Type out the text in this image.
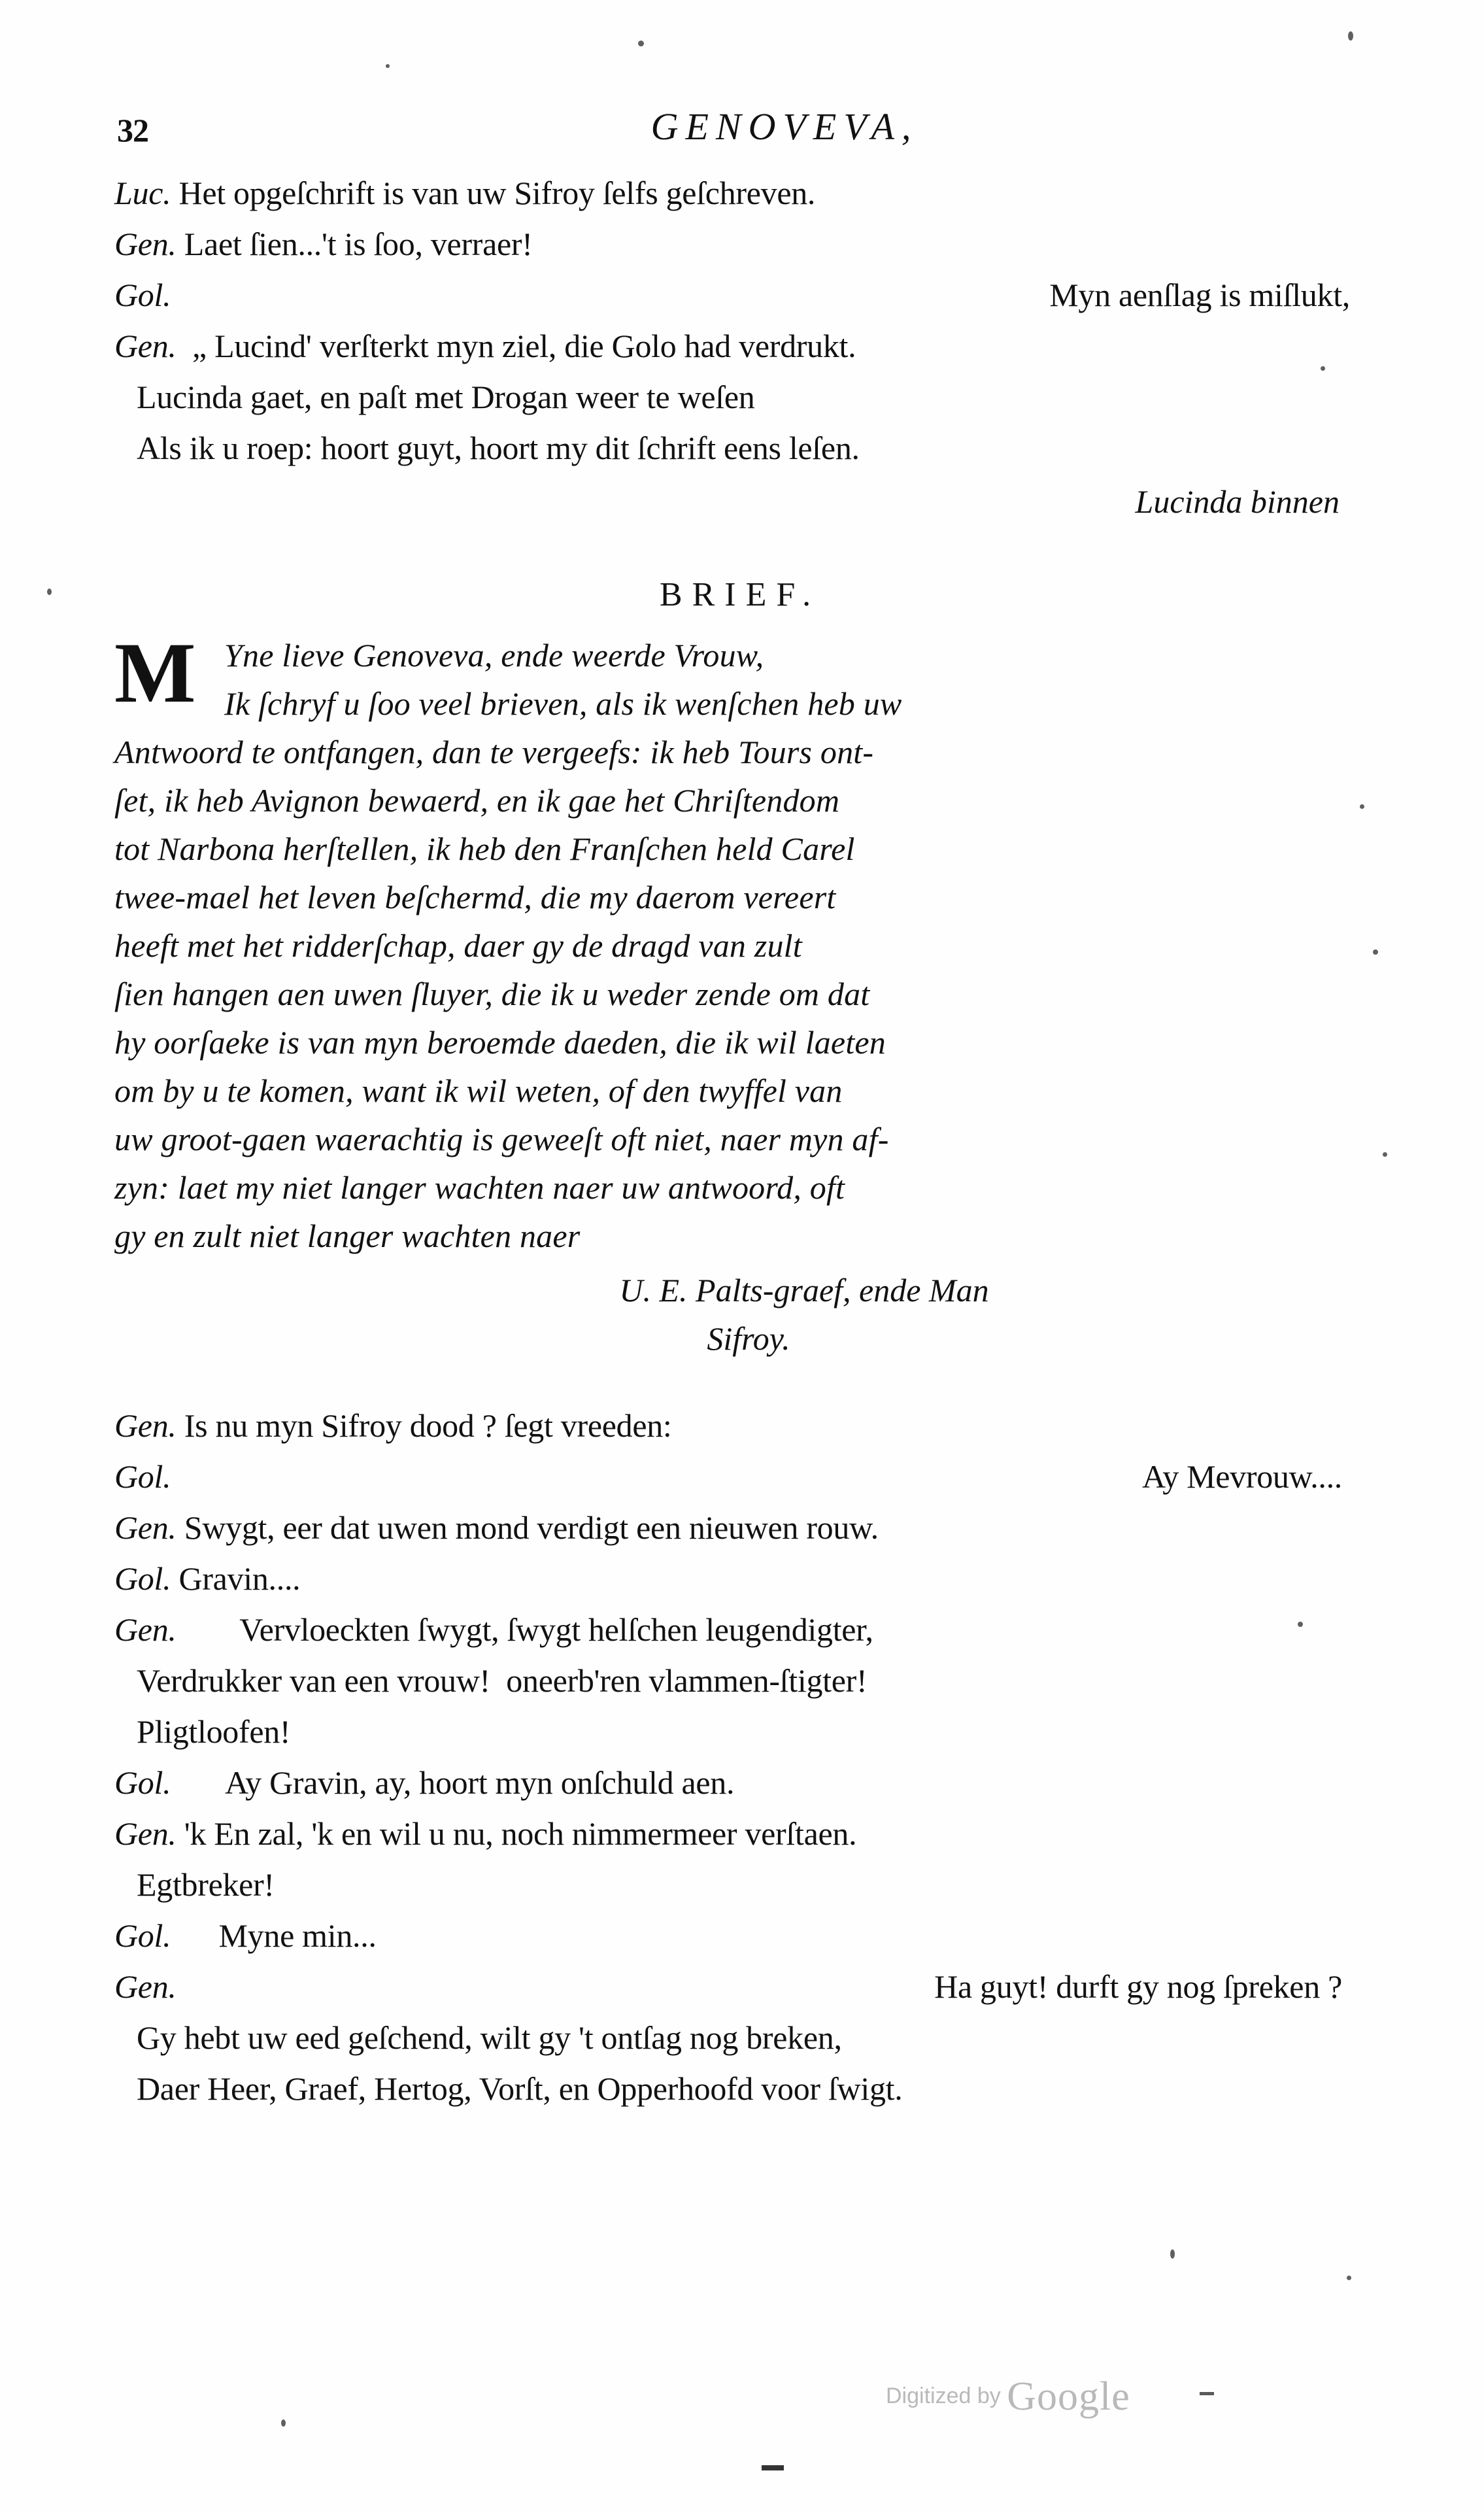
32	GENOVEVA,
Luc. Het opgeſchrift is van uw Sifroy ſelfs geſchreven.
Gen. Laet ſien...'t is ſoo, verraer!
Gol.	Myn aenſlag is miſlukt,
Gen.  „ Lucind' verſterkt myn ziel, die Golo had verdrukt.
Lucinda gaet, en paſt met Drogan weer te weſen
Als ik u roep: hoort guyt, hoort my dit ſchrift eens leſen.
Lucinda binnen
BRIEF.
M Yne lieve Genoveva, ende weerde Vrouw,
Ik ſchryf u ſoo veel brieven, als ik wenſchen heb uw
Antwoord te ontfangen, dan te vergeefs: ik heb Tours ont-
ſet, ik heb Avignon bewaerd, en ik gae het Chriſtendom
tot Narbona herſtellen, ik heb den Franſchen held Carel
twee-mael het leven beſchermd, die my daerom vereert
heeft met het ridderſchap, daer gy de dragd van zult
ſien hangen aen uwen ſluyer, die ik u weder zende om dat
hy oorſaeke is van myn beroemde daeden, die ik wil laeten
om by u te komen, want ik wil weten, of den twyffel van
uw groot-gaen waerachtig is geweeſt oft niet, naer myn af-
zyn: laet my niet langer wachten naer uw antwoord, oft
gy en zult niet langer wachten naer
U. E. Palts-graef, ende Man
Sifroy.
Gen. Is nu myn Sifroy dood ? ſegt vreeden:
Gol.	Ay Mevrouw....
Gen. Swygt, eer dat uwen mond verdigt een nieuwen rouw.
Gol. Gravin....
Gen.        Vervloeckten ſwygt, ſwygt helſchen leugendigter,
Verdrukker van een vrouw!  oneerb'ren vlammen-ſtigter!
Pligtloofen!
Gol.       Ay Gravin, ay, hoort myn onſchuld aen.
Gen. 'k En zal, 'k en wil u nu, noch nimmermeer verſtaen.
Egtbreker!
Gol.      Myne min...
Gen.	Ha guyt! durft gy nog ſpreken ?
Gy hebt uw eed geſchend, wilt gy 't ontſag nog breken,
Daer Heer, Graef, Hertog, Vorſt, en Opperhoofd voor ſwigt.
Digitized by Google
